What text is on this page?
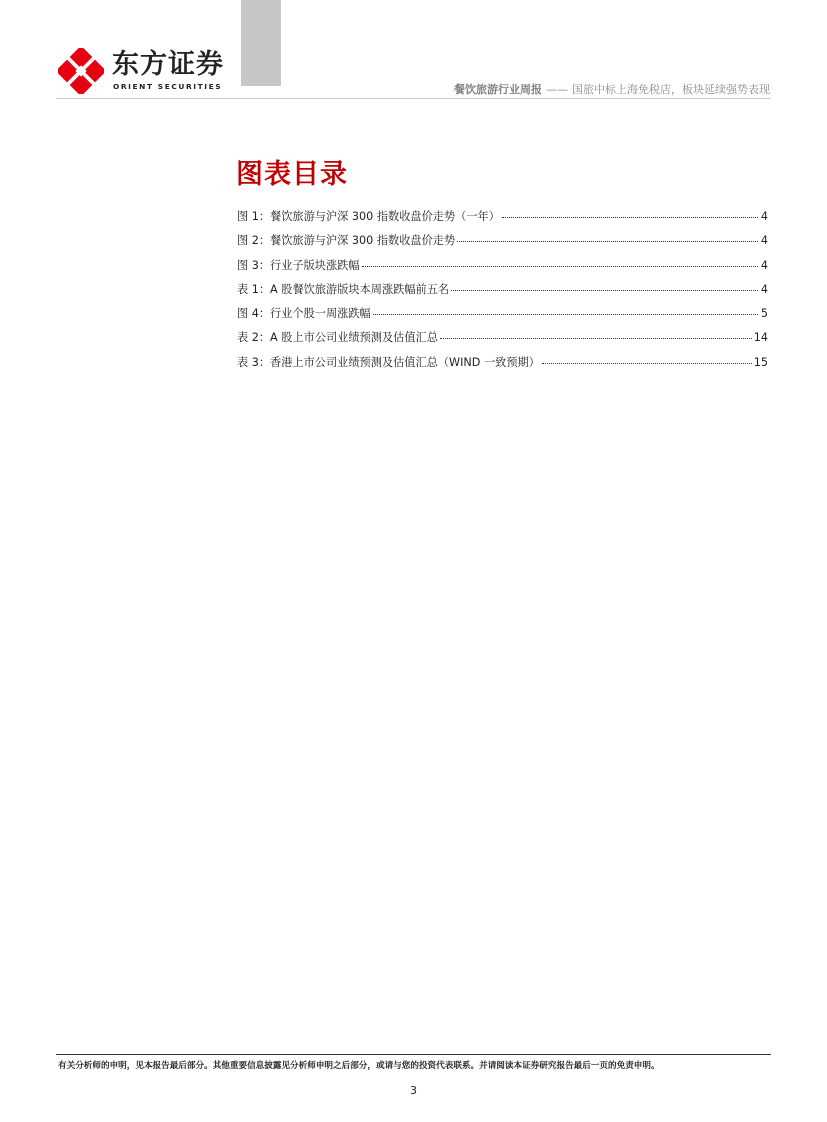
东方证券
ORIENT SECURITIES	餐饮旅游行业周报 —— 国旅中标上海免税店，板块延续强势表现
图表目录
图 1：餐饮旅游与沪深 300 指数收盘价走势（一年）	4
图 2：餐饮旅游与沪深 300 指数收盘价走势	4
图 3：行业子版块涨跌幅	4
表 1：A 股餐饮旅游版块本周涨跌幅前五名	4
图 4：行业个股一周涨跌幅	5
表 2：A 股上市公司业绩预测及估值汇总	14
表 3：香港上市公司业绩预测及估值汇总（WIND 一致预期）	15
有关分析师的申明，见本报告最后部分。其他重要信息披露见分析师申明之后部分，或请与您的投资代表联系。并请阅读本证券研究报告最后一页的免责申明。
3
